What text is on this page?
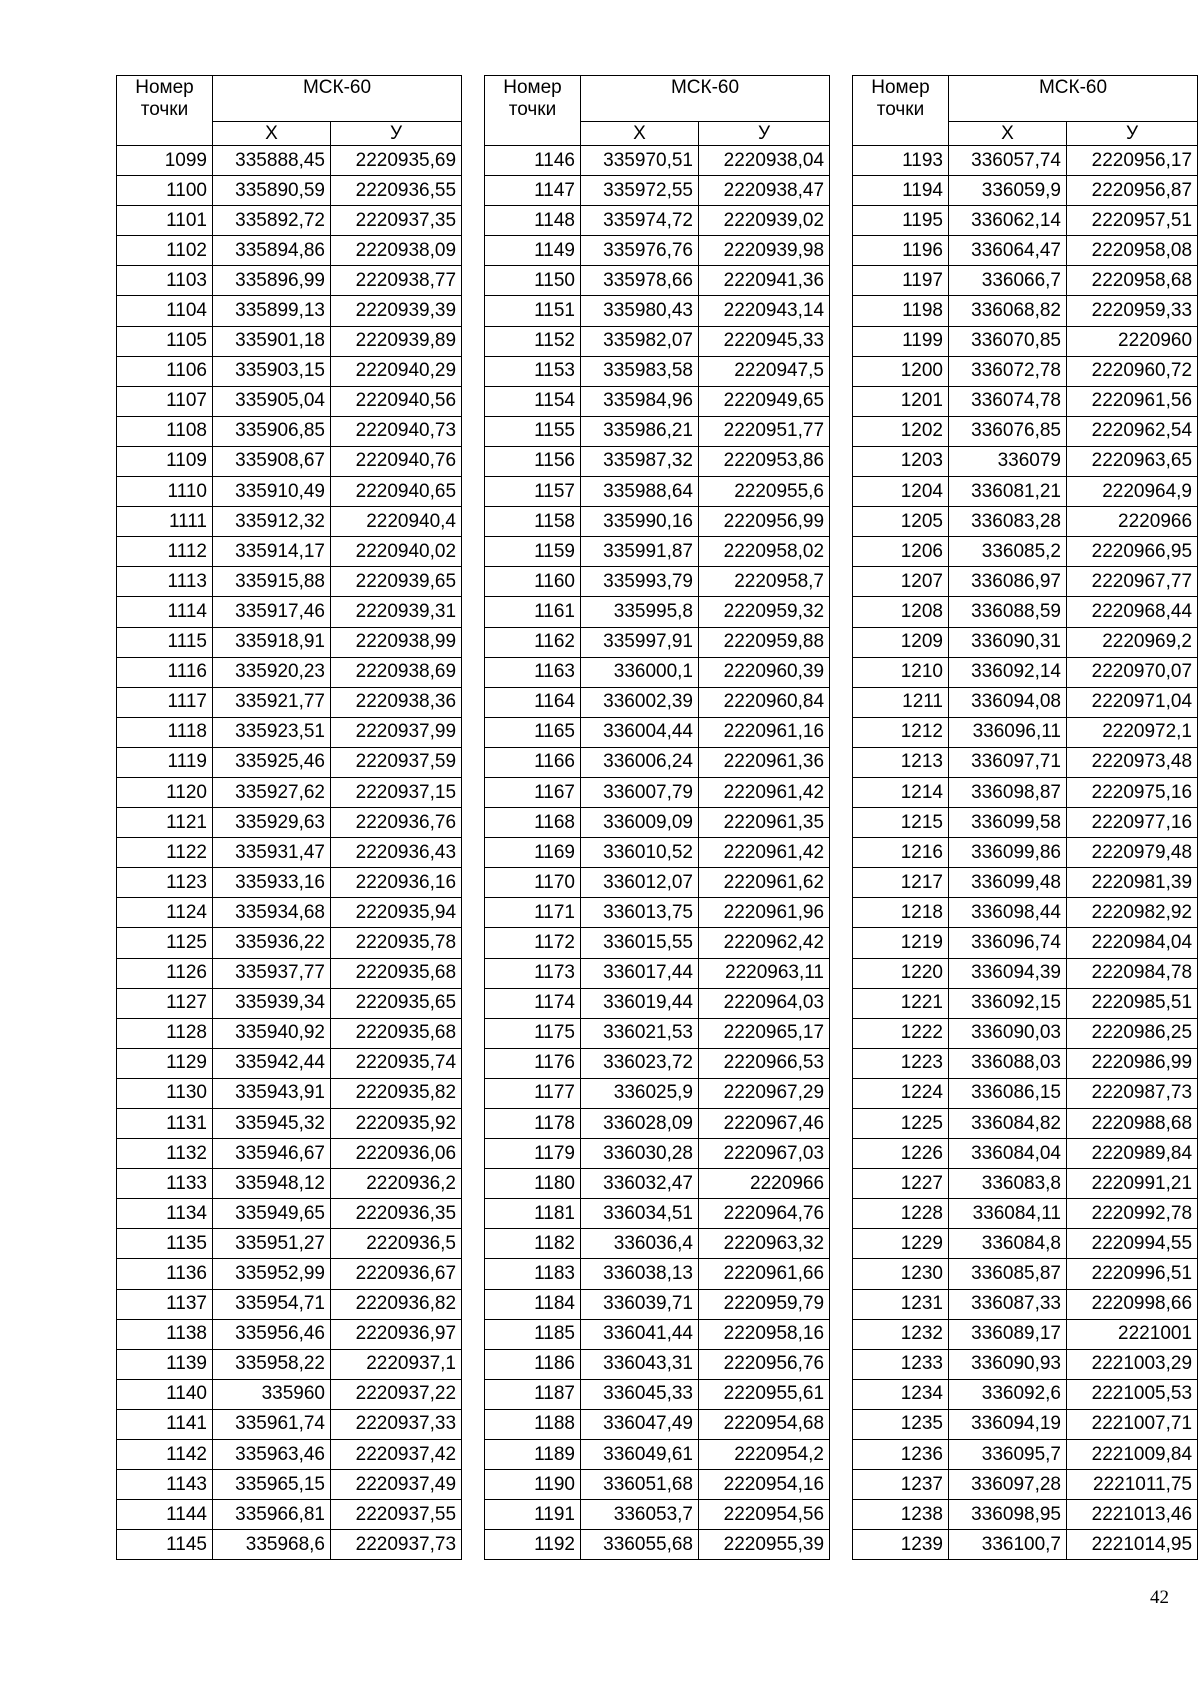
Номер
точки	МСК-60	
	X	У
1099	335888,45	2220935,69
1100	335890,59	2220936,55
1101	335892,72	2220937,35
1102	335894,86	2220938,09
1103	335896,99	2220938,77
1104	335899,13	2220939,39
1105	335901,18	2220939,89
1106	335903,15	2220940,29
1107	335905,04	2220940,56
1108	335906,85	2220940,73
1109	335908,67	2220940,76
1110	335910,49	2220940,65
1111	335912,32	2220940,4
1112	335914,17	2220940,02
1113	335915,88	2220939,65
1114	335917,46	2220939,31
1115	335918,91	2220938,99
1116	335920,23	2220938,69
1117	335921,77	2220938,36
1118	335923,51	2220937,99
1119	335925,46	2220937,59
1120	335927,62	2220937,15
1121	335929,63	2220936,76
1122	335931,47	2220936,43
1123	335933,16	2220936,16
1124	335934,68	2220935,94
1125	335936,22	2220935,78
1126	335937,77	2220935,68
1127	335939,34	2220935,65
1128	335940,92	2220935,68
1129	335942,44	2220935,74
1130	335943,91	2220935,82
1131	335945,32	2220935,92
1132	335946,67	2220936,06
1133	335948,12	2220936,2
1134	335949,65	2220936,35
1135	335951,27	2220936,5
1136	335952,99	2220936,67
1137	335954,71	2220936,82
1138	335956,46	2220936,97
1139	335958,22	2220937,1
1140	335960	2220937,22
1141	335961,74	2220937,33
1142	335963,46	2220937,42
1143	335965,15	2220937,49
1144	335966,81	2220937,55
1145	335968,6	2220937,73
Номер
точки	МСК-60	
	X	У
1146	335970,51	2220938,04
1147	335972,55	2220938,47
1148	335974,72	2220939,02
1149	335976,76	2220939,98
1150	335978,66	2220941,36
1151	335980,43	2220943,14
1152	335982,07	2220945,33
1153	335983,58	2220947,5
1154	335984,96	2220949,65
1155	335986,21	2220951,77
1156	335987,32	2220953,86
1157	335988,64	2220955,6
1158	335990,16	2220956,99
1159	335991,87	2220958,02
1160	335993,79	2220958,7
1161	335995,8	2220959,32
1162	335997,91	2220959,88
1163	336000,1	2220960,39
1164	336002,39	2220960,84
1165	336004,44	2220961,16
1166	336006,24	2220961,36
1167	336007,79	2220961,42
1168	336009,09	2220961,35
1169	336010,52	2220961,42
1170	336012,07	2220961,62
1171	336013,75	2220961,96
1172	336015,55	2220962,42
1173	336017,44	2220963,11
1174	336019,44	2220964,03
1175	336021,53	2220965,17
1176	336023,72	2220966,53
1177	336025,9	2220967,29
1178	336028,09	2220967,46
1179	336030,28	2220967,03
1180	336032,47	2220966
1181	336034,51	2220964,76
1182	336036,4	2220963,32
1183	336038,13	2220961,66
1184	336039,71	2220959,79
1185	336041,44	2220958,16
1186	336043,31	2220956,76
1187	336045,33	2220955,61
1188	336047,49	2220954,68
1189	336049,61	2220954,2
1190	336051,68	2220954,16
1191	336053,7	2220954,56
1192	336055,68	2220955,39
Номер
точки	МСК-60	
	X	У
1193	336057,74	2220956,17
1194	336059,9	2220956,87
1195	336062,14	2220957,51
1196	336064,47	2220958,08
1197	336066,7	2220958,68
1198	336068,82	2220959,33
1199	336070,85	2220960
1200	336072,78	2220960,72
1201	336074,78	2220961,56
1202	336076,85	2220962,54
1203	336079	2220963,65
1204	336081,21	2220964,9
1205	336083,28	2220966
1206	336085,2	2220966,95
1207	336086,97	2220967,77
1208	336088,59	2220968,44
1209	336090,31	2220969,2
1210	336092,14	2220970,07
1211	336094,08	2220971,04
1212	336096,11	2220972,1
1213	336097,71	2220973,48
1214	336098,87	2220975,16
1215	336099,58	2220977,16
1216	336099,86	2220979,48
1217	336099,48	2220981,39
1218	336098,44	2220982,92
1219	336096,74	2220984,04
1220	336094,39	2220984,78
1221	336092,15	2220985,51
1222	336090,03	2220986,25
1223	336088,03	2220986,99
1224	336086,15	2220987,73
1225	336084,82	2220988,68
1226	336084,04	2220989,84
1227	336083,8	2220991,21
1228	336084,11	2220992,78
1229	336084,8	2220994,55
1230	336085,87	2220996,51
1231	336087,33	2220998,66
1232	336089,17	2221001
1233	336090,93	2221003,29
1234	336092,6	2221005,53
1235	336094,19	2221007,71
1236	336095,7	2221009,84
1237	336097,28	2221011,75
1238	336098,95	2221013,46
1239	336100,7	2221014,95
42
